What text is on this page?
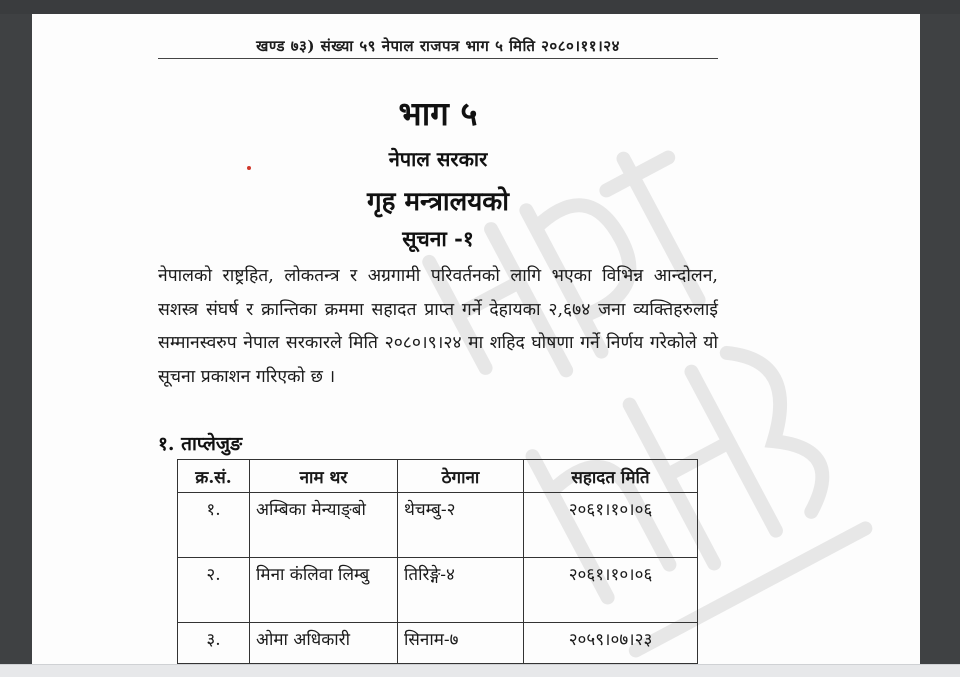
खण्ड ७३) संख्या ५९ नेपाल राजपत्र भाग ५ मिति २०८०।११।२४
भाग ५
नेपाल सरकार
गृह मन्त्रालयको
सूचना -१
नेपालको राष्ट्रहित, लोकतन्त्र र अग्रगामी परिवर्तनको लागि भएका विभिन्न आन्दोलन, सशस्त्र संघर्ष र क्रान्तिका क्रममा सहादत प्राप्त गर्ने देहायका २,६७४ जना व्यक्तिहरुलाई सम्मानस्वरुप नेपाल सरकारले मिति २०८०।९।२४ मा शहिद घोषणा गर्ने निर्णय गरेकोले यो सूचना प्रकाशन गरिएको छ ।
१. ताप्लेजुङ
क्र.सं.	नाम थर	ठेगाना	सहादत मिति
१.	अम्बिका मेन्याङ्बो	थेचम्बु-२	२०६१।१०।०६
२.	मिना कंलिवा लिम्बु	तिरिङ्गे-४	२०६१।१०।०६
३.	ओमा अधिकारी	सिनाम-७	२०५९।०७।२३
